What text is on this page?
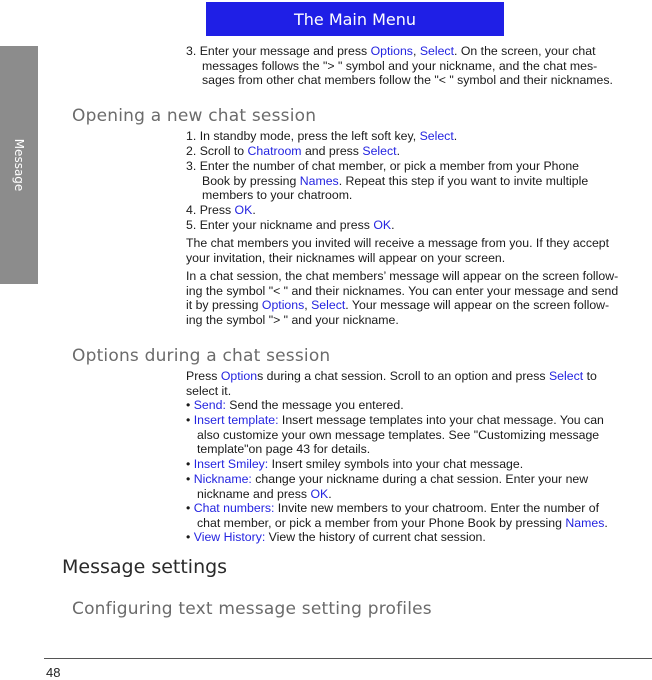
The Main Menu
Message
3. Enter your message and press Options, Select. On the screen, your chat
messages follows the "> " symbol and your nickname, and the chat mes-
sages from other chat members follow the "< " symbol and their nicknames.
Opening a new chat session
1. In standby mode, press the left soft key, Select.
2. Scroll to Chatroom and press Select.
3. Enter the number of chat member, or pick a member from your Phone
Book by pressing Names. Repeat this step if you want to invite multiple
members to your chatroom.
4. Press OK.
5. Enter your nickname and press OK.
The chat members you invited will receive a message from you. If they accept
your invitation, their nicknames will appear on your screen.
In a chat session, the chat members’ message will appear on the screen follow-
ing the symbol "< " and their nicknames. You can enter your message and send
it by pressing Options, Select. Your message will appear on the screen follow-
ing the symbol "> " and your nickname.
Options during a chat session
Press Options during a chat session. Scroll to an option and press Select to
select it.
• Send: Send the message you entered.
• Insert template: Insert message templates into your chat message. You can
also customize your own message templates. See "Customizing message
template"on page 43 for details.
• Insert Smiley: Insert smiley symbols into your chat message.
• Nickname: change your nickname during a chat session. Enter your new
nickname and press OK.
• Chat numbers: Invite new members to your chatroom. Enter the number of
chat member, or pick a member from your Phone Book by pressing Names.
• View History: View the history of current chat session.
Message settings
Configuring text message setting profiles
48
